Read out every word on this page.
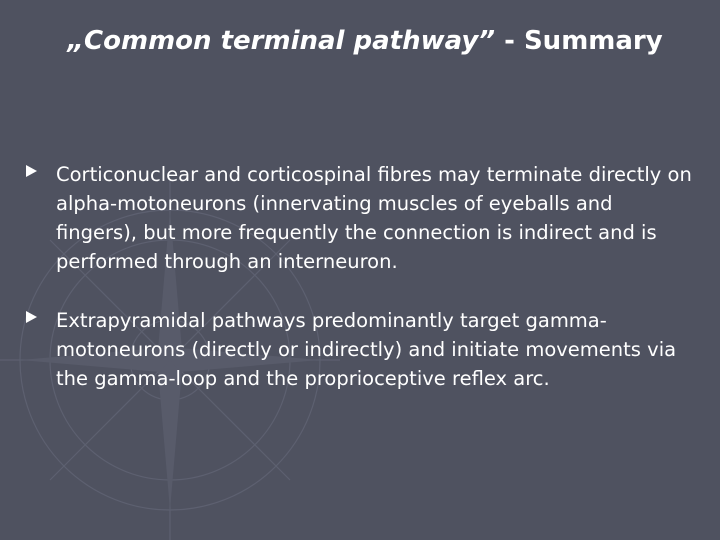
„Common terminal pathway” - Summary
Corticonuclear and corticospinal fibres may terminate directly on alpha-motoneurons (innervating muscles of eyeballs and fingers), but more frequently the connection is indirect and is performed through an interneuron.
Extrapyramidal pathways predominantly target gamma-motoneurons (directly or indirectly) and initiate movements via the gamma-loop and the proprioceptive reflex arc.
